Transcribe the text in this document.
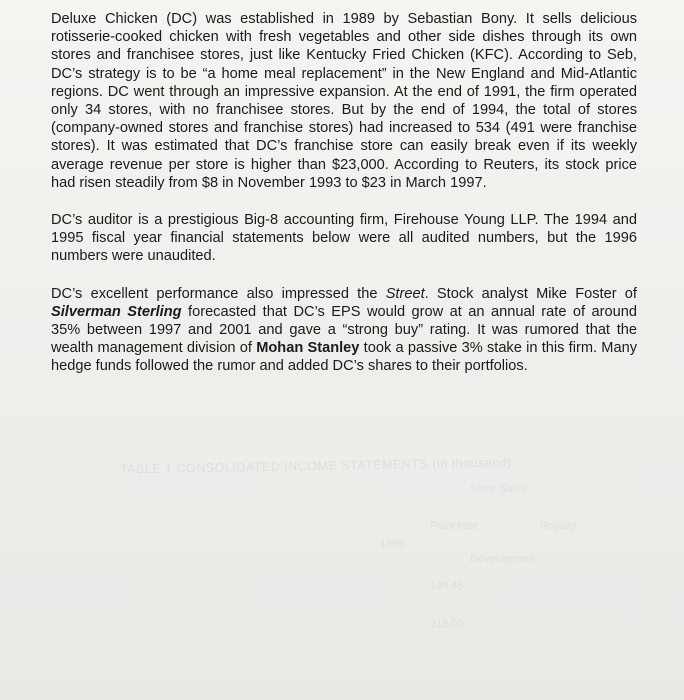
TABLE 1 CONSOLIDATED INCOME STATEMENTS (in thousand)
Store Sales
Franchise	Royalty
Development
1995
149.45
315.00

Deluxe Chicken (DC) was established in 1989 by Sebastian Bony. It sells delicious rotisserie-cooked chicken with fresh vegetables and other side dishes through its own stores and franchisee stores, just like Kentucky Fried Chicken (KFC). According to Seb, DC’s strategy is to be “a home meal replacement” in the New England and Mid-Atlantic regions. DC went through an impressive expansion. At the end of 1991, the firm operated only 34 stores, with no franchisee stores. But by the end of 1994, the total of stores (company-owned stores and franchise stores) had increased to 534 (491 were franchise stores). It was estimated that DC’s franchise store can easily break even if its weekly average revenue per store is higher than $23,000. According to Reuters, its stock price had risen steadily from $8 in November 1993 to $23 in March 1997.

DC’s auditor is a prestigious Big-8 accounting firm, Firehouse Young LLP. The 1994 and 1995 fiscal year financial statements below were all audited numbers, but the 1996 numbers were unaudited.

DC’s excellent performance also impressed the Street. Stock analyst Mike Foster of Silverman Sterling forecasted that DC’s EPS would grow at an annual rate of around 35% between 1997 and 2001 and gave a “strong buy” rating. It was rumored that the wealth management division of Mohan Stanley took a passive 3% stake in this firm. Many hedge funds followed the rumor and added DC’s shares to their portfolios.
